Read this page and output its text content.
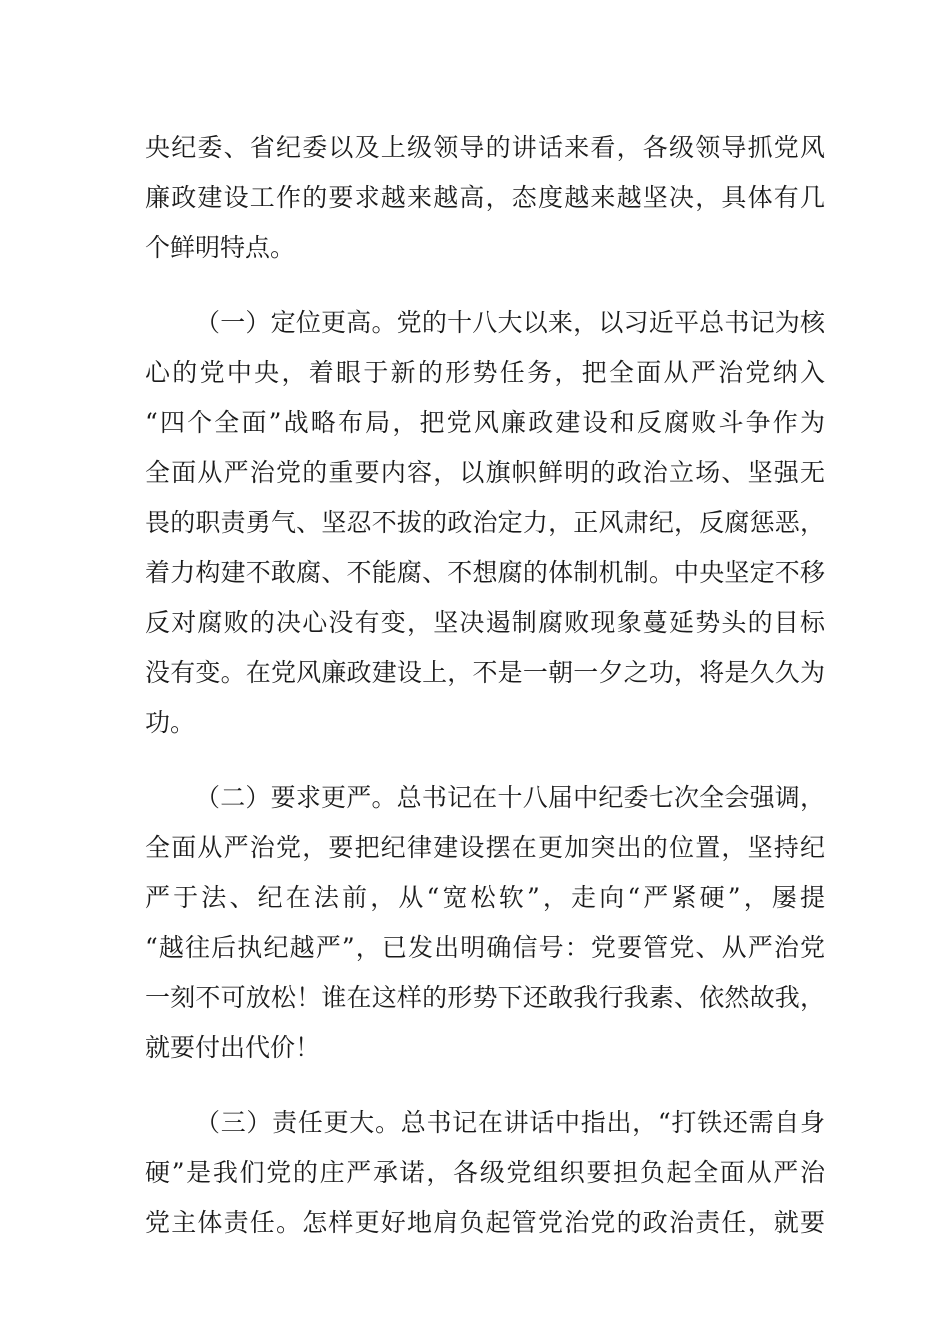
央纪委、省纪委以及上级领导的讲话来看，各级领导抓党风
廉政建设工作的要求越来越高，态度越来越坚决，具体有几
个鲜明特点。
（一）定位更高。党的十八大以来，以习近平总书记为核
心的党中央，着眼于新的形势任务，把全面从严治党纳入
“四个全面”战略布局，把党风廉政建设和反腐败斗争作为
全面从严治党的重要内容，以旗帜鲜明的政治立场、坚强无
畏的职责勇气、坚忍不拔的政治定力，正风肃纪，反腐惩恶，
着力构建不敢腐、不能腐、不想腐的体制机制。中央坚定不移
反对腐败的决心没有变，坚决遏制腐败现象蔓延势头的目标
没有变。在党风廉政建设上，不是一朝一夕之功，将是久久为
功。
（二）要求更严。总书记在十八届中纪委七次全会强调，
全面从严治党，要把纪律建设摆在更加突出的位置，坚持纪
严于法、纪在法前，从“宽松软”，走向“严紧硬”，屡提
“越往后执纪越严”，已发出明确信号：党要管党、从严治党
一刻不可放松！谁在这样的形势下还敢我行我素、依然故我，
就要付出代价！
（三）责任更大。总书记在讲话中指出，“打铁还需自身
硬”是我们党的庄严承诺，各级党组织要担负起全面从严治
党主体责任。怎样更好地肩负起管党治党的政治责任，就要
